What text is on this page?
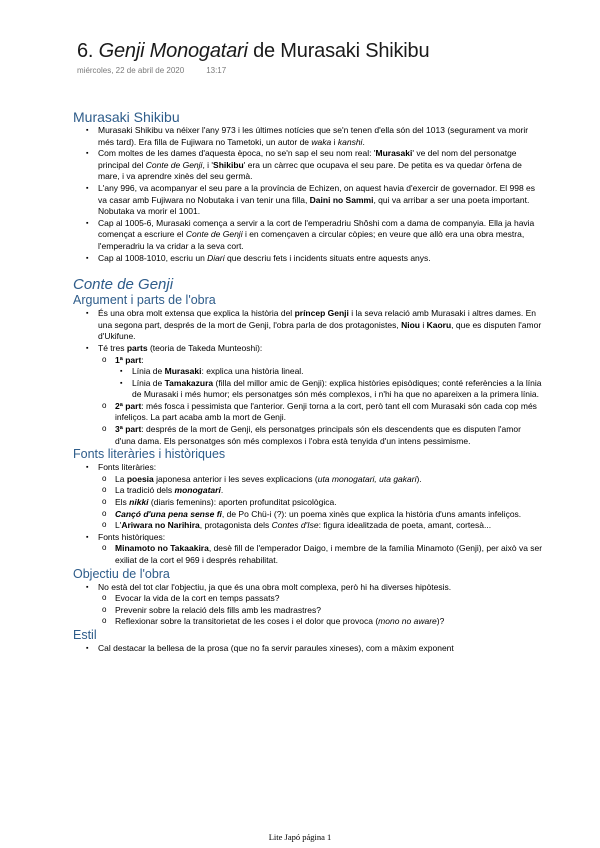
6. Genji Monogatari de Murasaki Shikibu
miércoles, 22 de abril de 2020	13:17
Murasaki Shikibu
▪ Murasaki Shikibu va néixer l'any 973 i les últimes notícies que se'n tenen d'ella són del 1013 (segurament va morir més tard). Era filla de Fujiwara no Tametoki, un autor de waka i kanshi.
▪ Com moltes de les dames d'aquesta època, no se'n sap el seu nom real: 'Murasaki' ve del nom del personatge principal del Conte de Genji, i 'Shikibu' era un càrrec que ocupava el seu pare. De petita es va quedar òrfena de mare, i va aprendre xinès del seu germà.
▪ L'any 996, va acompanyar el seu pare a la província de Echizen, on aquest havia d'exercir de governador. El 998 es va casar amb Fujiwara no Nobutaka i van tenir una filla, Daini no Sammi, qui va arribar a ser una poeta important. Nobutaka va morir el 1001.
▪ Cap al 1005-6, Murasaki comença a servir a la cort de l'emperadriu Shôshi com a dama de companyia. Ella ja havia començat a escriure el Conte de Genji i en començaven a circular còpies; en veure que allò era una obra mestra, l'emperadriu la va cridar a la seva cort.
▪ Cap al 1008-1010, escriu un Diari que descriu fets i incidents situats entre aquests anys.
Conte de Genji
Argument i parts de l'obra
▪ És una obra molt extensa que explica la història del príncep Genji i la seva relació amb Murasaki i altres dames. En una segona part, després de la mort de Genji, l'obra parla de dos protagonistes, Niou i Kaoru, que es disputen l'amor d'Ukifune.
▪ Té tres parts (teoria de Takeda Munteoshi):
o 1ª part:
▪ Línia de Murasaki: explica una història lineal.
▪ Línia de Tamakazura (filla del millor amic de Genji): explica històries episòdiques; conté referències a la línia de Murasaki i més humor; els personatges són més complexos, i n'hi ha que no apareixen a la primera línia.
o 2ª part: més fosca i pessimista que l'anterior. Genji torna a la cort, però tant ell com Murasaki són cada cop més infeliços. La part acaba amb la mort de Genji.
o 3ª part: després de la mort de Genji, els personatges principals són els descendents que es disputen l'amor d'una dama. Els personatges són més complexos i l'obra està tenyida d'un intens pessimisme.
Fonts literàries i històriques
▪ Fonts literàries:
o La poesia japonesa anterior i les seves explicacions (uta monogatari, uta gakari).
o La tradició dels monogatari.
o Els nikki (diaris femenins): aporten profunditat psicològica.
o Cançó d'una pena sense fi, de Po Chü-i (?): un poema xinès que explica la història d'uns amants infeliços.
o L'Ariwara no Narihira, protagonista dels Contes d'Ise: figura idealitzada de poeta, amant, cortesà...
▪ Fonts històriques:
o Minamoto no Takaakira, desè fill de l'emperador Daigo, i membre de la família Minamoto (Genji), per això va ser exiliat de la cort el 969 i després rehabilitat.
Objectiu de l'obra
▪ No està del tot clar l'objectiu, ja que és una obra molt complexa, però hi ha diverses hipòtesis.
o Evocar la vida de la cort en temps passats?
o Prevenir sobre la relació dels fills amb les madrastres?
o Reflexionar sobre la transitorietat de les coses i el dolor que provoca (mono no aware)?
Estil
▪ Cal destacar la bellesa de la prosa (que no fa servir paraules xineses), com a màxim exponent
Lite Japó página 1
